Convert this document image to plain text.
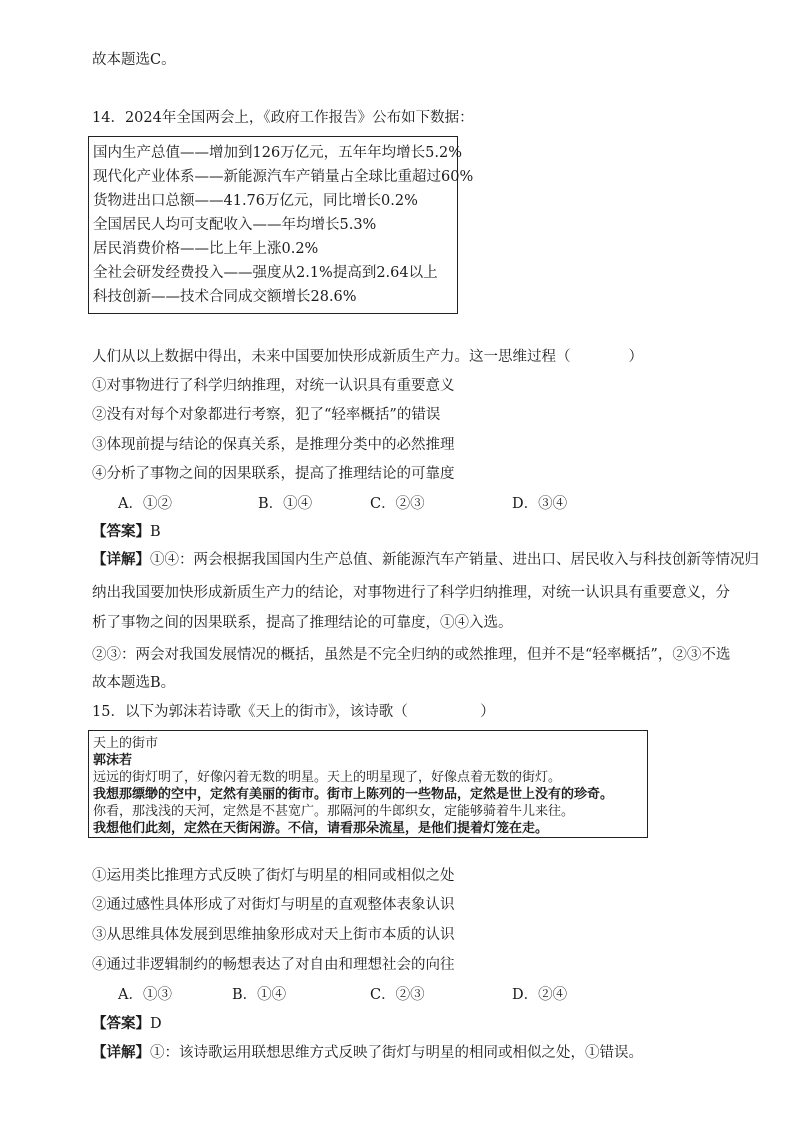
故本题选C。
14．2024年全国两会上，《政府工作报告》公布如下数据：
国内生产总值——增加到126万亿元，五年年均增长5.2%
现代化产业体系——新能源汽车产销量占全球比重超过60%
货物进出口总额——41.76万亿元，同比增长0.2%
全国居民人均可支配收入——年均增长5.3%
居民消费价格——比上年上涨0.2%
全社会研发经费投入——强度从2.1%提高到2.64以上
科技创新——技术合同成交额增长28.6%
人们从以上数据中得出，未来中国要加快形成新质生产力。这一思维过程（　　　　）
①对事物进行了科学归纳推理，对统一认识具有重要意义
②没有对每个对象都进行考察，犯了“轻率概括”的错误
③体现前提与结论的保真关系，是推理分类中的必然推理
④分析了事物之间的因果联系，提高了推理结论的可靠度
A．①②	B．①④	C．②③	D．③④
【答案】B
【详解】①④：两会根据我国国内生产总值、新能源汽车产销量、进出口、居民收入与科技创新等情况归
纳出我国要加快形成新质生产力的结论，对事物进行了科学归纳推理，对统一认识具有重要意义，分
析了事物之间的因果联系，提高了推理结论的可靠度，①④入选。
②③：两会对我国发展情况的概括，虽然是不完全归纳的或然推理，但并不是“轻率概括”，②③不选
故本题选B。
15．以下为郭沫若诗歌《天上的街市》，该诗歌（　　　　　）
天上的街市
郭沫若
远远的街灯明了，好像闪着无数的明星。天上的明星现了，好像点着无数的街灯。
我想那缥缈的空中，定然有美丽的街市。街市上陈列的一些物品，定然是世上没有的珍奇。
你看，那浅浅的天河，定然是不甚宽广。那隔河的牛郎织女，定能够骑着牛儿来往。
我想他们此刻，定然在天街闲游。不信，请看那朵流星，是他们提着灯笼在走。
①运用类比推理方式反映了街灯与明星的相同或相似之处
②通过感性具体形成了对街灯与明星的直观整体表象认识
③从思维具体发展到思维抽象形成对天上街市本质的认识
④通过非逻辑制约的畅想表达了对自由和理想社会的向往
A．①③	B．①④	C．②③	D．②④
【答案】D
【详解】①：该诗歌运用联想思维方式反映了街灯与明星的相同或相似之处，①错误。
